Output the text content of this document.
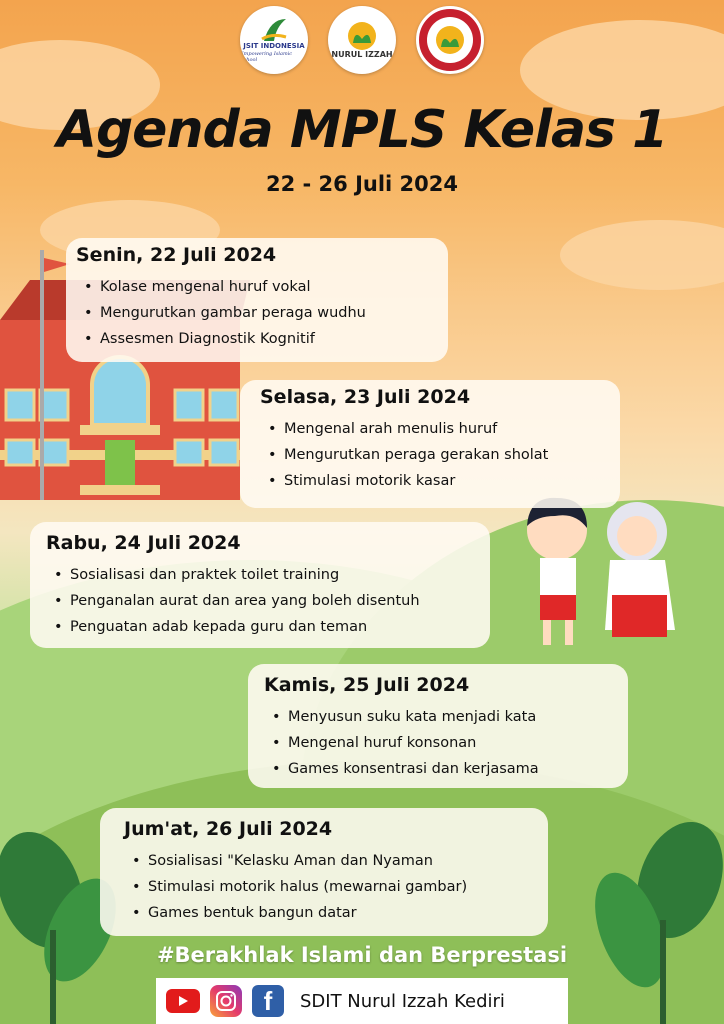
JSIT INDONESIA
Empowering Islamic School
NURUL IZZAH
Agenda MPLS Kelas 1
22 - 26 Juli 2024
Senin, 22 Juli 2024
• Kolase mengenal huruf vokal
• Mengurutkan gambar peraga wudhu
• Assesmen Diagnostik Kognitif
Selasa, 23 Juli 2024
• Mengenal arah menulis huruf
• Mengurutkan peraga gerakan sholat
• Stimulasi motorik kasar
Rabu, 24 Juli 2024
• Sosialisasi dan praktek toilet training
• Penganalan aurat dan area yang boleh disentuh
• Penguatan adab kepada guru dan teman
Kamis, 25 Juli 2024
• Menyusun suku kata menjadi kata
• Mengenal huruf konsonan
• Games konsentrasi dan kerjasama
Jum'at, 26 Juli 2024
• Sosialisasi "Kelasku Aman dan Nyaman
• Stimulasi motorik halus (mewarnai gambar)
• Games bentuk bangun datar
#Berakhlak Islami dan Berprestasi
f	SDIT Nurul Izzah Kediri
